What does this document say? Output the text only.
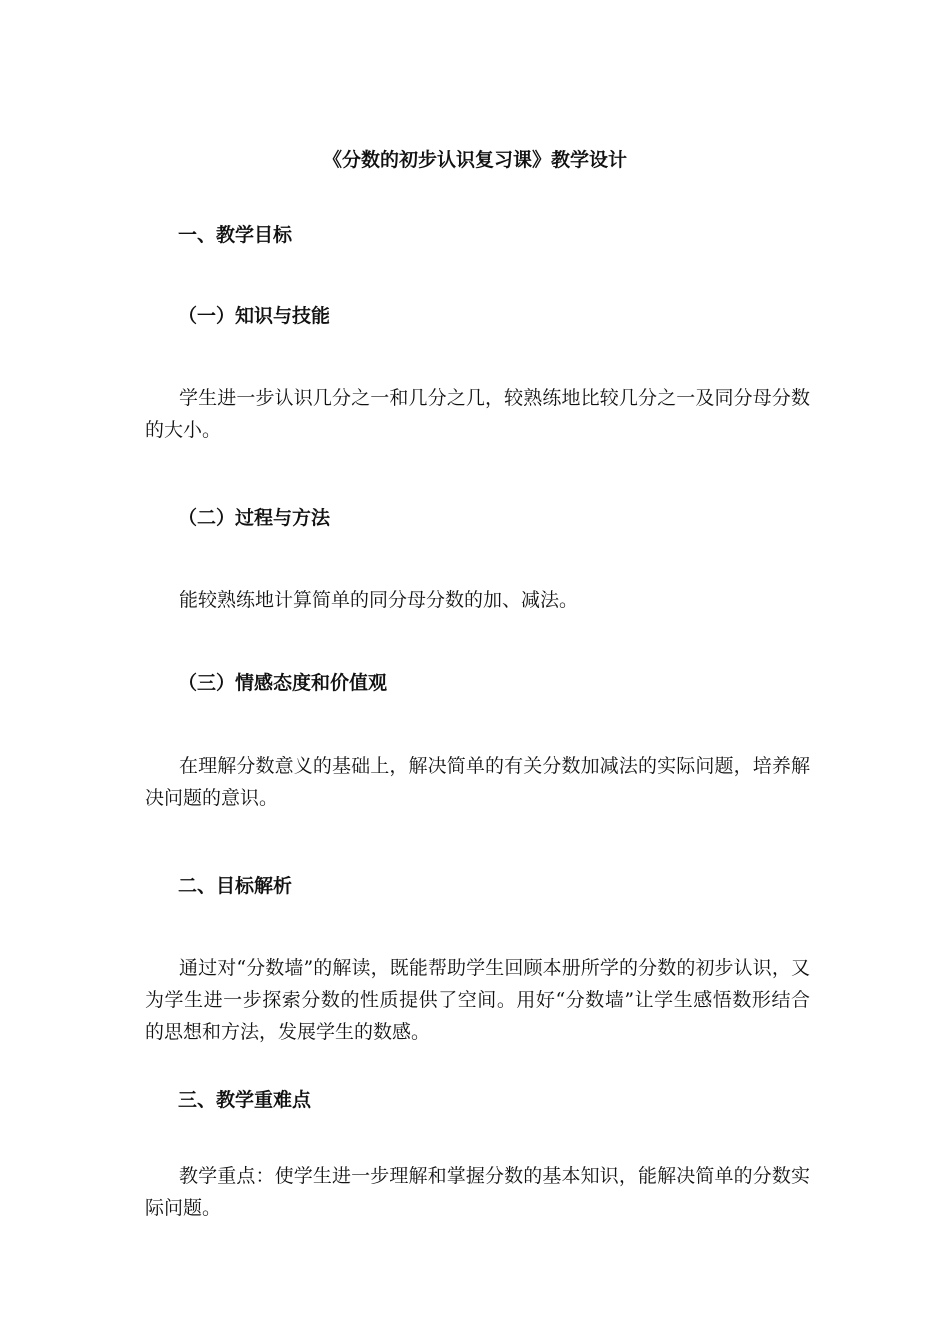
《分数的初步认识复习课》教学设计
一、教学目标
（一）知识与技能
学生进一步认识几分之一和几分之几，较熟练地比较几分之一及同分母分数的大小。
（二）过程与方法
能较熟练地计算简单的同分母分数的加、减法。
（三）情感态度和价值观
在理解分数意义的基础上，解决简单的有关分数加减法的实际问题，培养解决问题的意识。
二、目标解析
通过对“分数墙”的解读，既能帮助学生回顾本册所学的分数的初步认识，又为学生进一步探索分数的性质提供了空间。用好“分数墙”让学生感悟数形结合的思想和方法，发展学生的数感。
三、教学重难点
教学重点：使学生进一步理解和掌握分数的基本知识，能解决简单的分数实际问题。
